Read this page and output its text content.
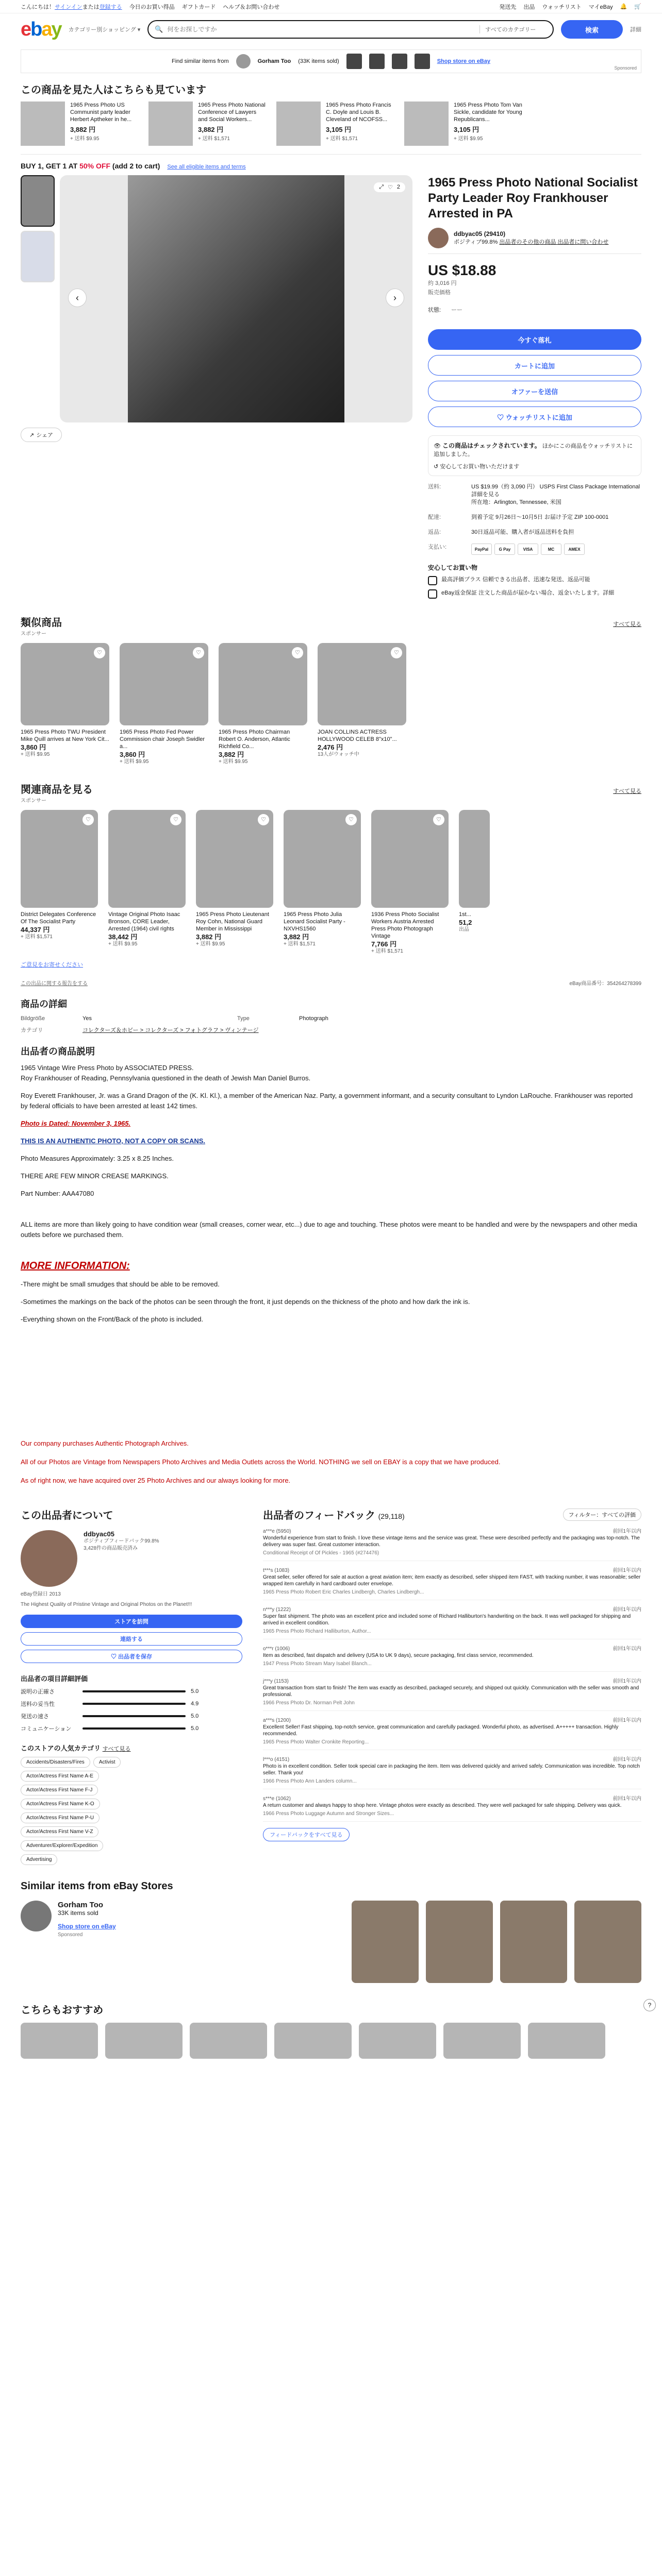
こんにちは！サインインまたは登録する 今日のお買い得品 ギフトカード ヘルプ＆お問い合わせ	発送先 出品 ウォッチリスト マイeBay 🔔 🛒
ebay カテゴリー別ショッピング ▾ 🔍
何をお探しですか	すべてのカテゴリー	検索	詳細
Find similar items from	Gorham Too (33K items sold)	Shop store on eBay
Sponsored
この商品を見た人はこちらも見ています
1965 Press Photo US Communist party leader Herbert Aptheker in he...
3,882 円
+ 送料 $9.95
1965 Press Photo National Conference of Lawyers and Social Workers...
3,882 円
+ 送料 $1,571
1965 Press Photo Francis C. Doyle and Louis B. Cleveland of NCOFSS...
3,105 円
+ 送料 $1,571
1965 Press Photo Tom Van Sickle, candidate for Young Republicans...
3,105 円
+ 送料 $9.95
BUY 1, GET 1 AT 50% OFF (add 2 to cart) See all eligible items and terms
‹	›
⤢ ♡ 2
↗ シェア
1965 Press Photo National Socialist Party Leader Roy Frankhouser Arrested in PA
ddbyac05 (29410)
ポジティブ99.8% 出品者のその他の商品 出品者に問い合わせ
US $18.88
約 3,016 円
販売価格
状態: ーー
今すぐ落札
カートに追加
オファーを送信
♡ ウォッチリストに追加
👁 この商品はチェックされています。 ほかにこの商品をウォッチリストに追加しました。
↺ 安心してお買い物いただけます
送料:	US $19.99（約 3,090 円） USPS First Class Package International 詳細を見る
所在地：Arlington, Tennessee, 米国
配達:	到着予定 9月26日～10月5日 お届け予定 ZIP 100-0001
返品:	30日返品可能、購入者が返品送料を負担
支払い:	PayPal	G Pay	VISA	MC	AMEX
安心してお買い物
最高評価プラス 信頼できる出品者、迅速な発送、返品可能
eBay返金保証 注文した商品が届かない場合、返金いたします。詳細
類似商品
スポンサー
すべて見る
♡
1965 Press Photo TWU President Mike Quill arrives at New York Cit...
3,860 円
+ 送料 $9.95
♡
1965 Press Photo Fed Power Commission chair Joseph Swidler a...
3,860 円
+ 送料 $9.95
♡
1965 Press Photo Chairman Robert O. Anderson, Atlantic Richfield Co...
3,882 円
+ 送料 $9.95
♡
JOAN COLLINS ACTRESS HOLLYWOOD CELEB 8"x10"...
2,476 円
13人がウォッチ中
関連商品を見る
スポンサー
すべて見る
♡
District Delegates Conference Of The Socialist Party
44,337 円
+ 送料 $1,571
♡
Vintage Original Photo Isaac Bronson, CORE Leader, Arrested (1964) civil rights
38,442 円
+ 送料 $9.95
♡
1965 Press Photo Lieutenant Roy Cohn, National Guard Member in Mississippi
3,882 円
+ 送料 $9.95
♡
1965 Press Photo Julia Leonard Socialist Party - NXVHS1560
3,882 円
+ 送料 $1,571
♡
1936 Press Photo Socialist Workers Austria Arrested Press Photo Photograph Vintage
7,766 円
+ 送料 $1,571
1st...
51,2
出品
ご意見をお寄せください
この出品に関する報告をする	eBay商品番号：354264278399
商品の詳細
Bildgröße	Yes	Type	Photograph
カテゴリ	コレクターズ＆ホビー > コレクターズ > フォトグラフ > ヴィンテージ
出品者の商品説明

1965 Vintage Wire Press Photo by ASSOCIATED PRESS.
Roy Frankhouser of Reading, Pennsylvania questioned in the death of Jewish Man Daniel Burros.

Roy Everett Frankhouser, Jr. was a Grand Dragon of the (K. Kl. Kl.), a member of the American Naz. Party, a government informant, and a security consultant to Lyndon LaRouche. Frankhouser was reported by federal officials to have been arrested at least 142 times.

Photo is Dated: November 3, 1965.

THIS IS AN AUTHENTIC PHOTO, NOT A COPY OR SCANS.

Photo Measures Approximately: 3.25 x 8.25 Inches.

THERE ARE FEW MINOR CREASE MARKINGS.

Part Number: AAA47080

ALL items are more than likely going to have condition wear (small creases, corner wear, etc...) due to age and touching. These photos were meant to be handled and were by the newspapers and other media outlets before we purchased them.

MORE INFORMATION:

-There might be small smudges that should be able to be removed.

-Sometimes the markings on the back of the photos can be seen through the front, it just depends on the thickness of the photo and how dark the ink is.

-Everything shown on the Front/Back of the photo is included.

Our company purchases Authentic Photograph Archives.

All of our Photos are Vintage from Newspapers Photo Archives and Media Outlets across the World. NOTHING we sell on EBAY is a copy that we have produced.

As of right now, we have acquired over 25 Photo Archives and our always looking for more.

この出品者について
ddbyac05
ポジティブフィードバック99.8%
3,428件の商品販売済み
eBay登録日 2013
The Highest Quality of Pristine Vintage and Original Photos on the Planet!!!
ストアを訪問
連絡する
♡ 出品者を保存
出品者の項目詳細評価
説明の正確さ	5.0
送料の妥当性	4.9
発送の速さ	5.0
コミュニケーション	5.0
このストアの人気カテゴリ すべて見る
Accidents/Disasters/Fires	Activist
Actor/Actress First Name A-E
Actor/Actress First Name F-J
Actor/Actress First Name K-O
Actor/Actress First Name P-U
Actor/Actress First Name V-Z
Adventurer/Explorer/Expedition
Advertising
出品者のフィードバック (29,118)	フィルター：すべての評価
a***e (5950)	前回1年以内
Wonderful experience from start to finish. I love these vintage items and the service was great. These were described perfectly and the packaging was top-notch. The delivery was super fast. Great customer interaction.
Conditional Receipt of Of Pickles - 1965 (#274476)
t***s (1083)	前回1年以内
Great seller, seller offered for sale at auction a great aviation item; item exactly as described, seller shipped item FAST, with tracking number, it was reasonable; seller wrapped item carefully in hard cardboard outer envelope.
1965 Press Photo Robert Eric Charles Lindbergh, Charles Lindbergh...
n***y (1222)	前回1年以内
Super fast shipment. The photo was an excellent price and included some of Richard Halliburton's handwriting on the back. It was well packaged for shipping and arrived in excellent condition.
1965 Press Photo Richard Halliburton, Author...
o***r (1006)	前回1年以内
Item as described, fast dispatch and delivery (USA to UK 9 days), secure packaging, first class service, recommended.
1947 Press Photo Stream Mary Isabel Blanch...
j***y (1153)	前回1年以内
Great transaction from start to finish! The item was exactly as described, packaged securely, and shipped out quickly. Communication with the seller was smooth and professional.
1966 Press Photo Dr. Norman Pelt John
a***s (1200)	前回1年以内
Excellent Seller! Fast shipping, top-notch service, great communication and carefully packaged. Wonderful photo, as advertised. A+++++ transaction. Highly recommended.
1965 Press Photo Walter Cronkite Reporting...
l***o (4151)	前回1年以内
Photo is in excellent condition. Seller took special care in packaging the item. Item was delivered quickly and arrived safely. Communication was incredible. Top notch seller. Thank you!
1966 Press Photo Ann Landers column...
s***e (1062)	前回1年以内
A return customer and always happy to shop here. Vintage photos were exactly as described. They were well packaged for safe shipping. Delivery was quick.
1966 Press Photo Luggage Autumn and Stronger Sizes...
フィードバックをすべて見る
Similar items from eBay Stores
Gorham Too
33K items sold
Shop store on eBay
Sponsored
こちらもおすすめ	?
